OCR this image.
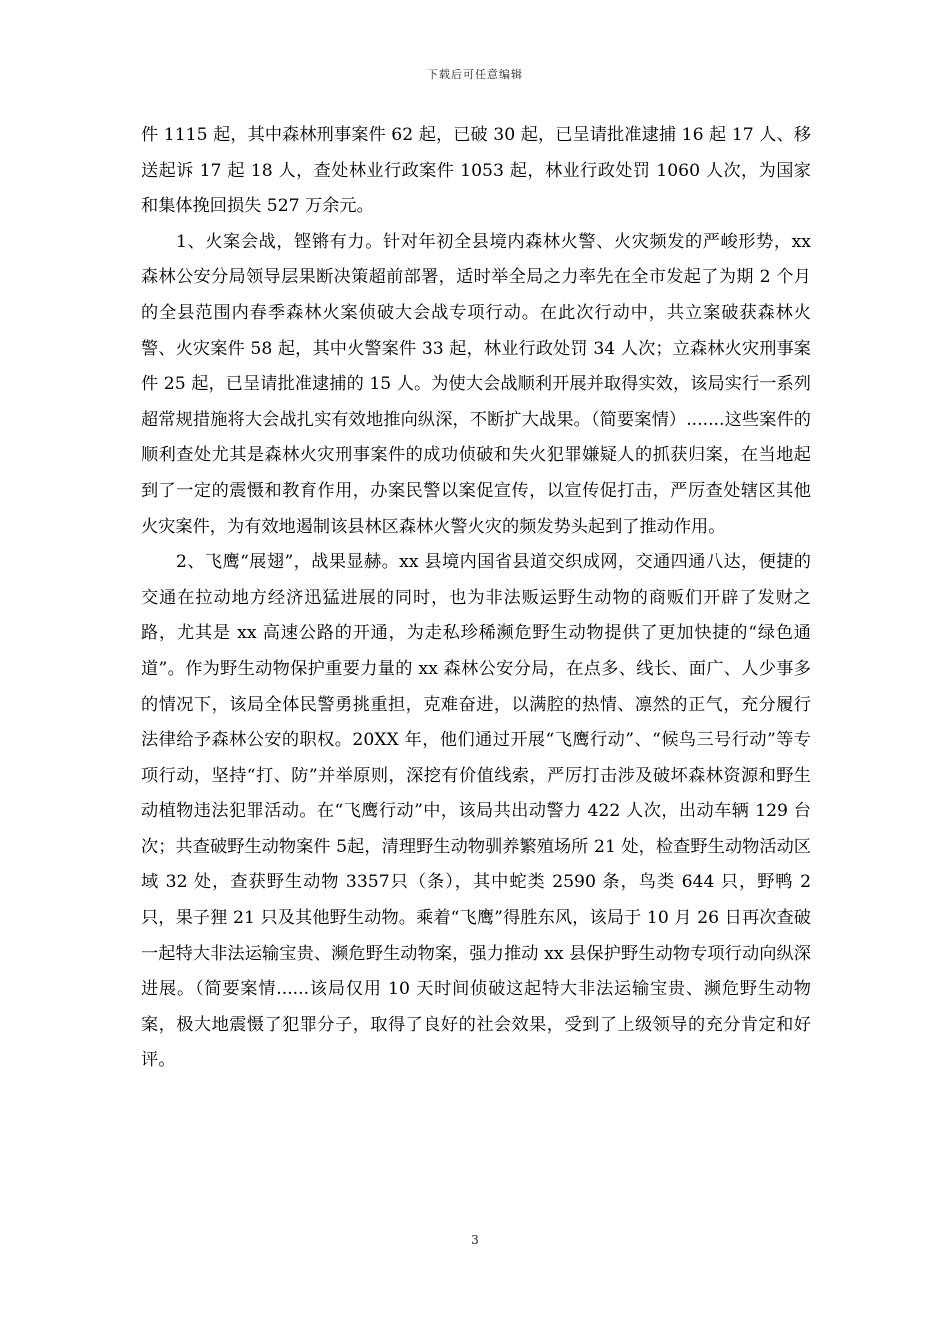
下载后可任意编辑

件 1115 起，其中森林刑事案件 62 起，已破 30 起，已呈请批准逮捕 16 起 17 人、移送起诉 17 起 18 人，查处林业行政案件 1053 起，林业行政处罚 1060 人次，为国家和集体挽回损失 527 万余元。

1、火案会战，铿锵有力。针对年初全县境内森林火警、火灾频发的严峻形势，xx 森林公安分局领导层果断决策超前部署，适时举全局之力率先在全市发起了为期 2 个月的全县范围内春季森林火案侦破大会战专项行动。在此次行动中，共立案破获森林火警、火灾案件 58 起，其中火警案件 33 起，林业行政处罚 34 人次；立森林火灾刑事案件 25 起，已呈请批准逮捕的 15 人。为使大会战顺利开展并取得实效，该局实行一系列超常规措施将大会战扎实有效地推向纵深，不断扩大战果。（简要案情）.......这些案件的顺利查处尤其是森林火灾刑事案件的成功侦破和失火犯罪嫌疑人的抓获归案，在当地起到了一定的震慑和教育作用，办案民警以案促宣传，以宣传促打击，严厉查处辖区其他火灾案件，为有效地遏制该县林区森林火警火灾的频发势头起到了推动作用。

2、飞鹰“展翅”，战果显赫。xx 县境内国省县道交织成网，交通四通八达，便捷的交通在拉动地方经济迅猛进展的同时，也为非法贩运野生动物的商贩们开辟了发财之路，尤其是 xx 高速公路的开通，为走私珍稀濒危野生动物提供了更加快捷的“绿色通道”。作为野生动物保护重要力量的 xx 森林公安分局，在点多、线长、面广、人少事多的情况下，该局全体民警勇挑重担，克难奋进，以满腔的热情、凛然的正气，充分履行法律给予森林公安的职权。20XX 年，他们通过开展“飞鹰行动”、“候鸟三号行动”等专项行动，坚持“打、防”并举原则，深挖有价值线索，严厉打击涉及破坏森林资源和野生动植物违法犯罪活动。在“飞鹰行动”中，该局共出动警力 422 人次，出动车辆 129 台次；共查破野生动物案件 5起，清理野生动物驯养繁殖场所 21 处，检查野生动物活动区域 32 处，查获野生动物 3357只（条），其中蛇类 2590 条，鸟类 644 只，野鸭 2 只，果子狸 21 只及其他野生动物。乘着“飞鹰”得胜东风，该局于 10 月 26 日再次查破一起特大非法运输宝贵、濒危野生动物案，强力推动 xx 县保护野生动物专项行动向纵深进展。（简要案情......该局仅用 10 天时间侦破这起特大非法运输宝贵、濒危野生动物案，极大地震慑了犯罪分子，取得了良好的社会效果，受到了上级领导的充分肯定和好评。

3
